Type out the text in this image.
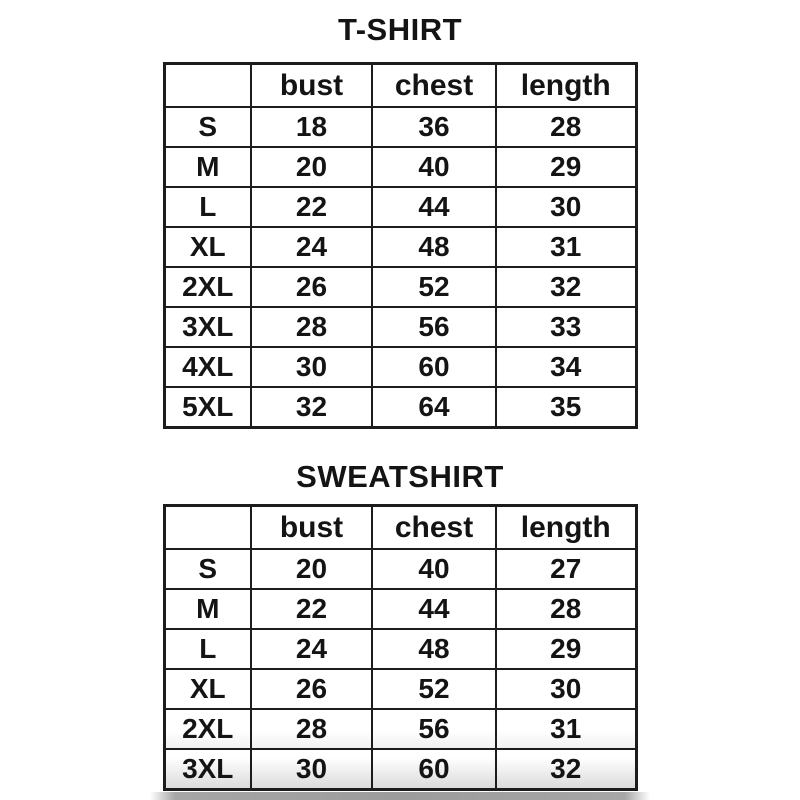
T-SHIRT
	bust	chest	length
S	18	36	28
M	20	40	29
L	22	44	30
XL	24	48	31
2XL	26	52	32
3XL	28	56	33
4XL	30	60	34
5XL	32	64	35
SWEATSHIRT
	bust	chest	length
S	20	40	27
M	22	44	28
L	24	48	29
XL	26	52	30
2XL	28	56	31
3XL	30	60	32
